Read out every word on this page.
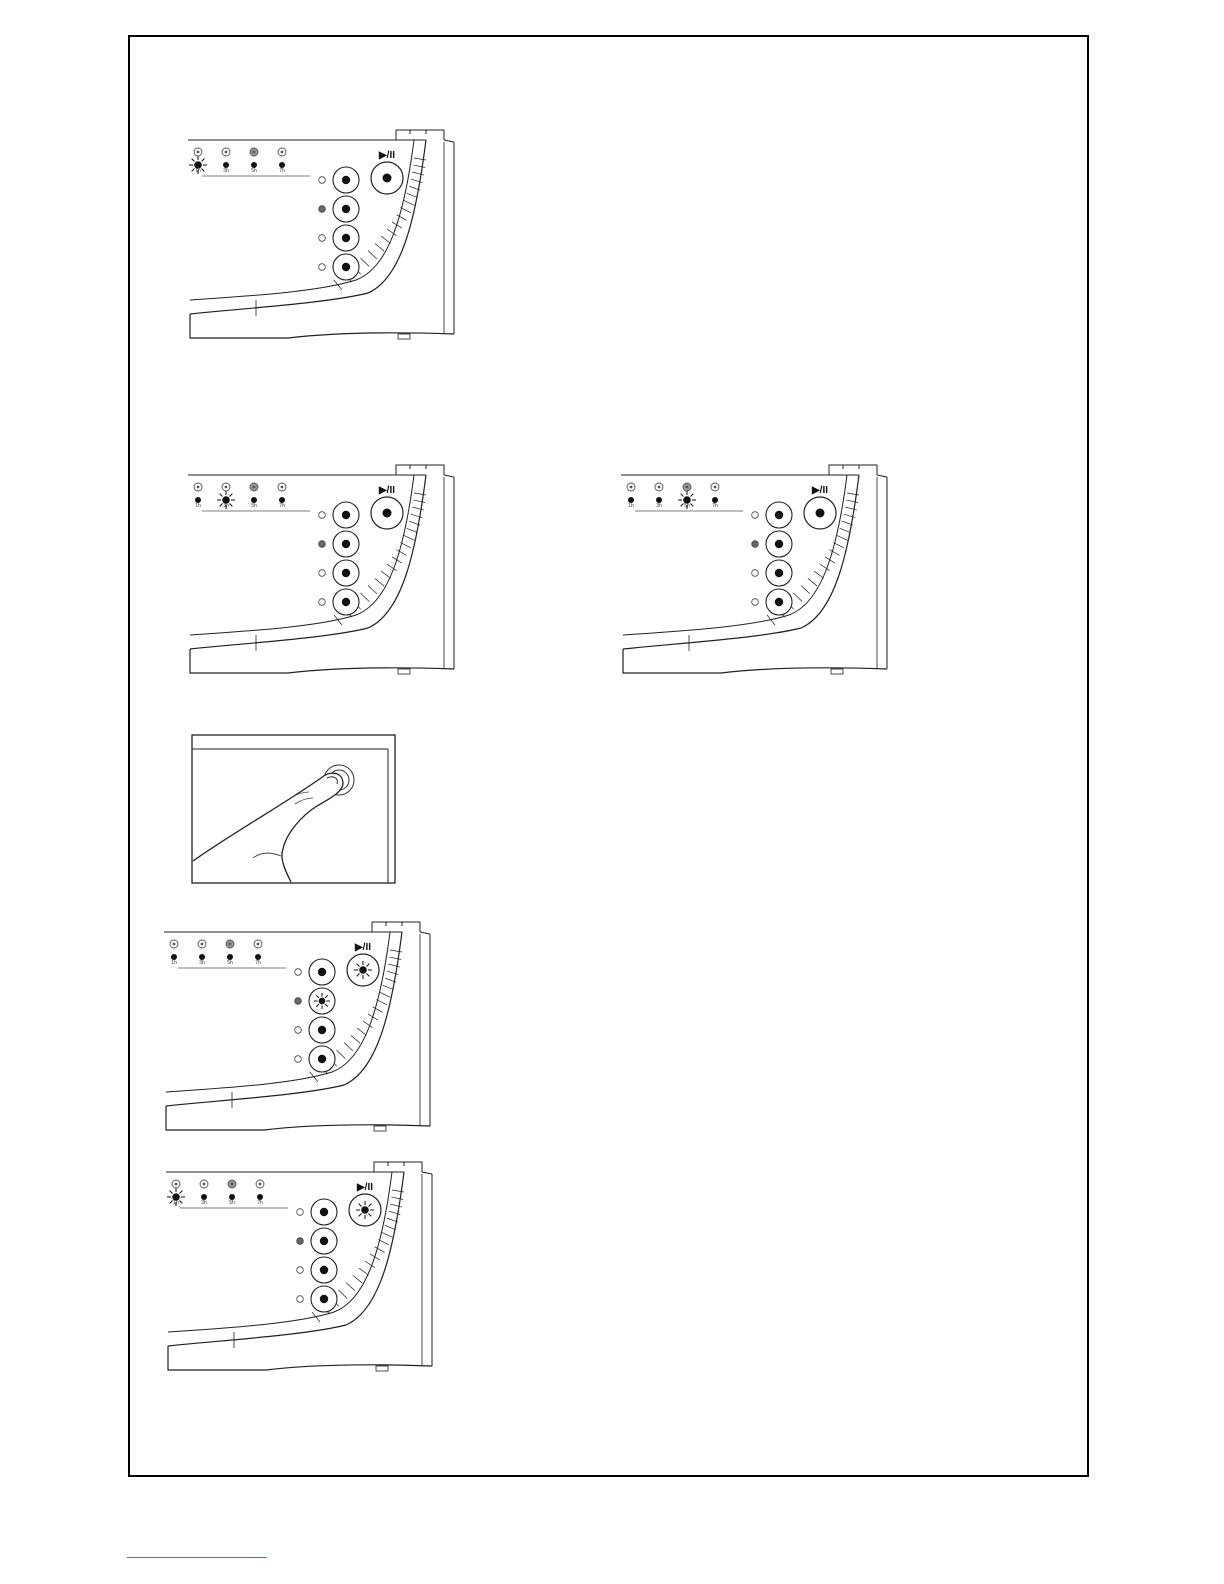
1h	3h	5h	7h
▶/II
1h	3h	5h	7h
▶/II
1h	3h	5h	7h
▶/II
1h	3h	5h	7h
▶/II
1h	3h	5h	7h
▶/II
